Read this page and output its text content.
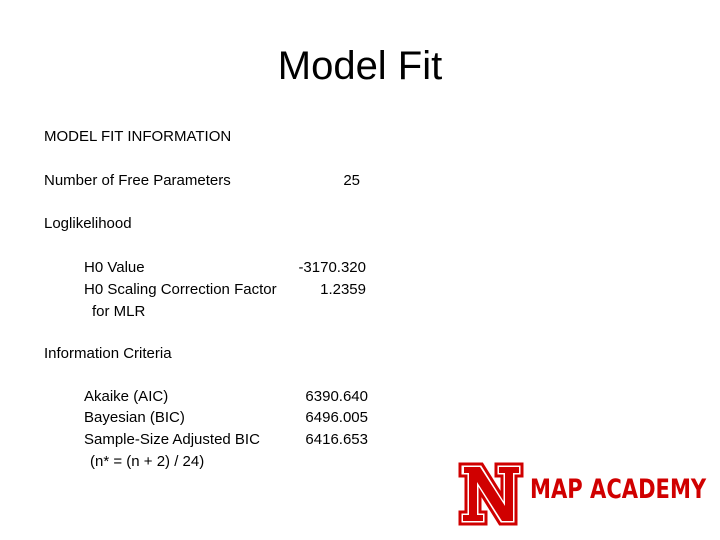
Model Fit
MODEL FIT INFORMATION
Number of Free Parameters	25
Loglikelihood
H0 Value	-3170.320
H0 Scaling Correction Factor	1.2359
for MLR
Information Criteria
Akaike (AIC)	6390.640
Bayesian (BIC)	6496.005
Sample-Size Adjusted BIC	6416.653
(n* = (n + 2) / 24)
MAP ACADEMY
